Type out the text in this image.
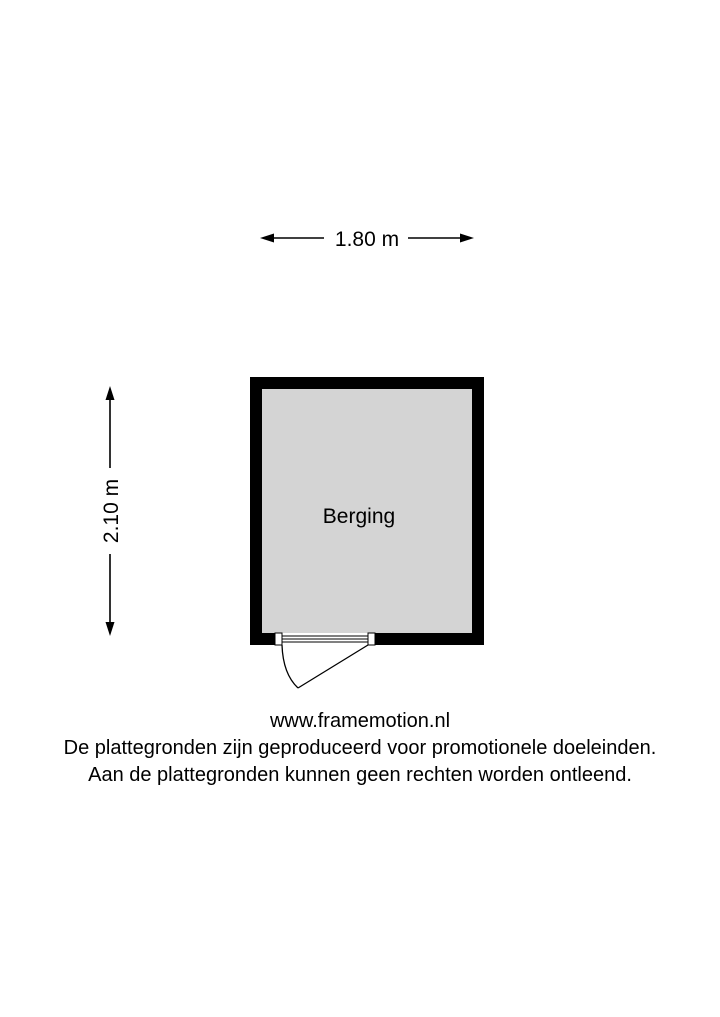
1.80 m
2.10 m	Berging
www.framemotion.nl
De plattegronden zijn geproduceerd voor promotionele doeleinden.
Aan de plattegronden kunnen geen rechten worden ontleend.
